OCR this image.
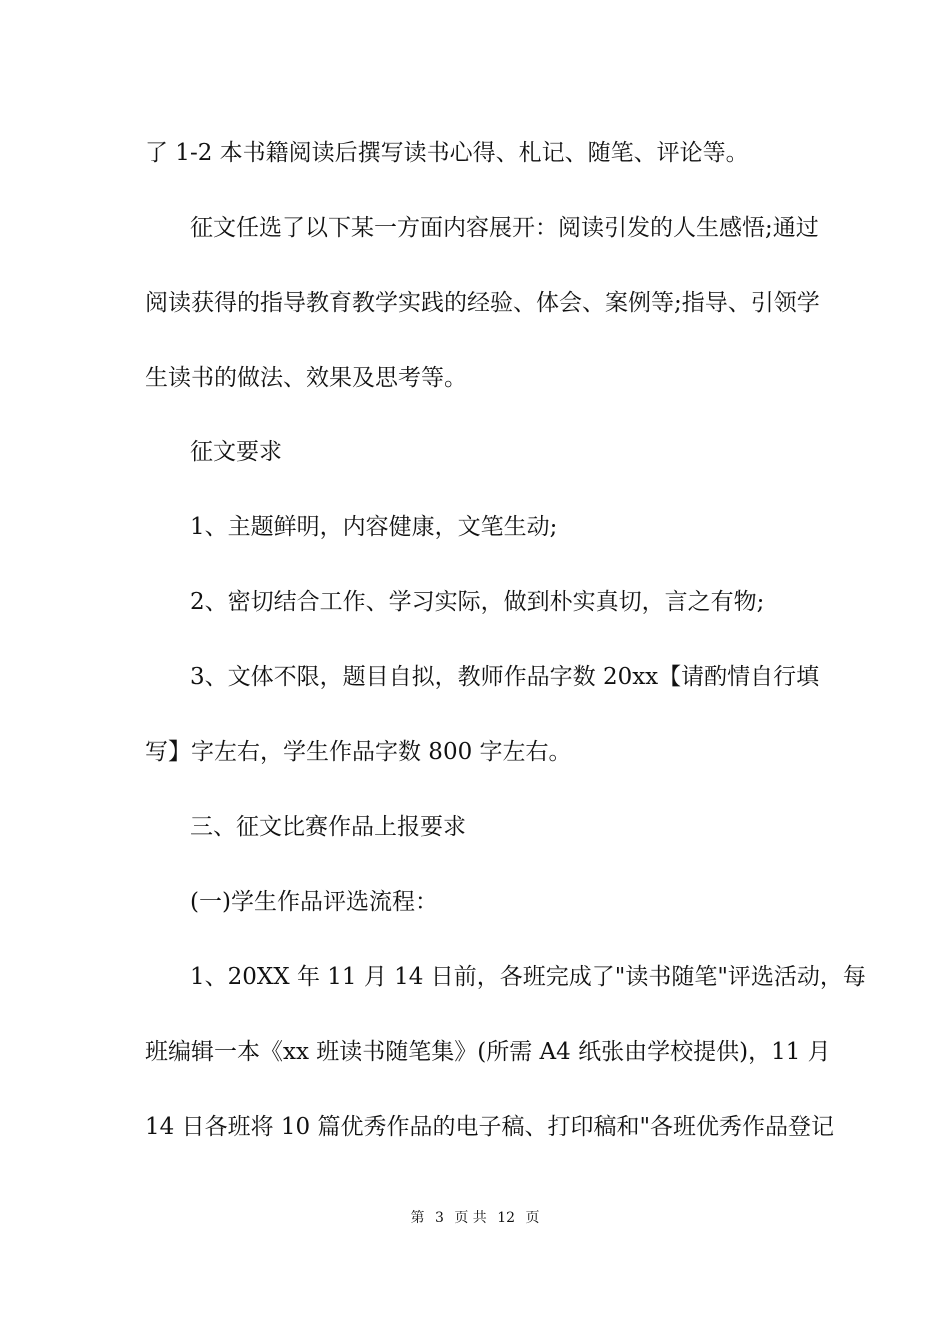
了 1-2 本书籍阅读后撰写读书心得、札记、随笔、评论等。
征文任选了以下某一方面内容展开：阅读引发的人生感悟;通过
阅读获得的指导教育教学实践的经验、体会、案例等;指导、引领学
生读书的做法、效果及思考等。
征文要求
1、主题鲜明，内容健康，文笔生动;
2、密切结合工作、学习实际，做到朴实真切，言之有物;
3、文体不限，题目自拟，教师作品字数 20xx【请酌情自行填
写】字左右，学生作品字数 800 字左右。
三、征文比赛作品上报要求
(一)学生作品评选流程：
1、20XX 年 11 月 14 日前，各班完成了"读书随笔"评选活动，每
班编辑一本《xx 班读书随笔集》(所需 A4 纸张由学校提供)，11 月
14 日各班将 10 篇优秀作品的电子稿、打印稿和"各班优秀作品登记
第 3 页 共 12 页
